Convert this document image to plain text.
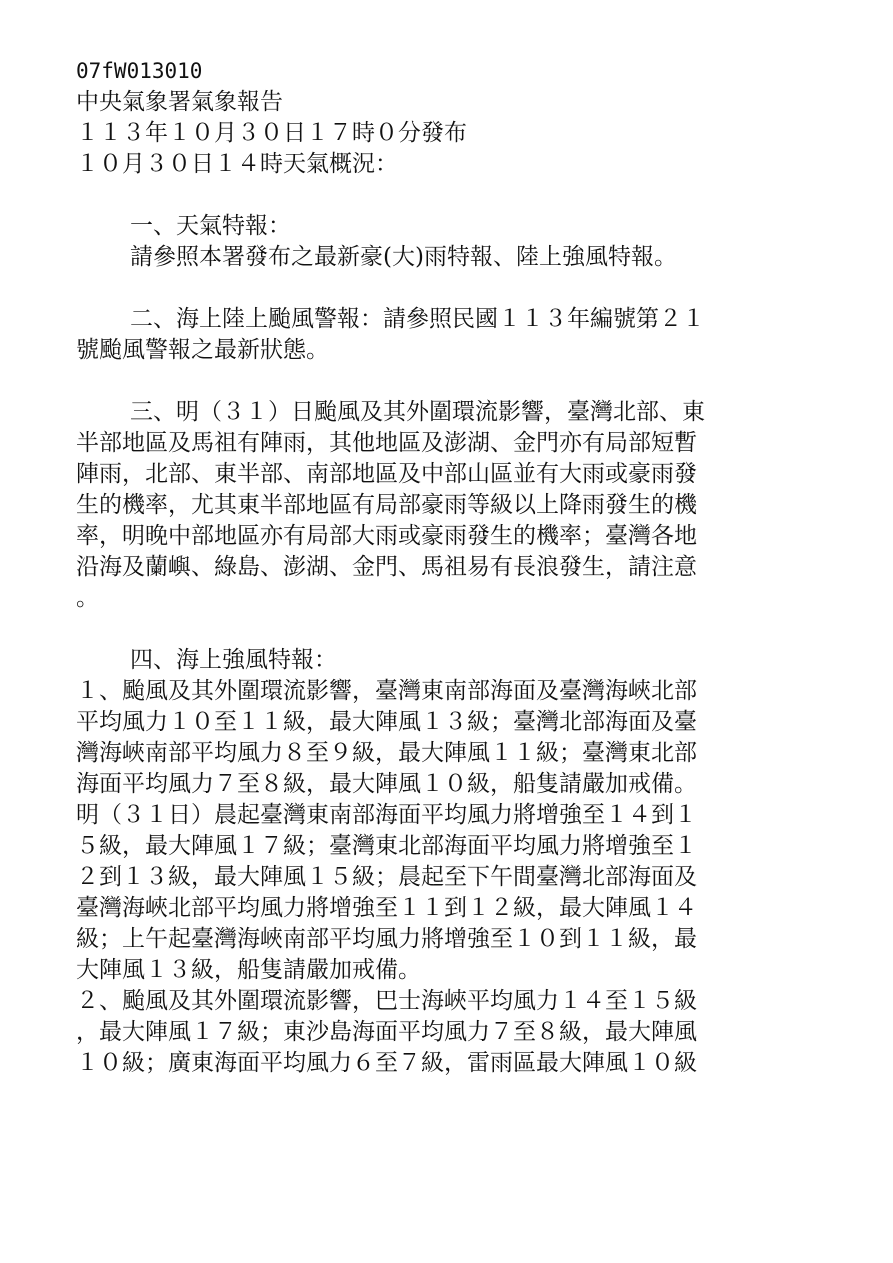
07fW013010
中央氣象署氣象報告
１１３年１０月３０日１７時０分發布
１０月３０日１４時天氣概況：
一、天氣特報：
請參照本署發布之最新豪(大)雨特報、陸上強風特報。
二、海上陸上颱風警報：請參照民國１１３年編號第２１
號颱風警報之最新狀態。
三、明（３１）日颱風及其外圍環流影響，臺灣北部、東
半部地區及馬祖有陣雨，其他地區及澎湖、金門亦有局部短暫
陣雨，北部、東半部、南部地區及中部山區並有大雨或豪雨發
生的機率，尤其東半部地區有局部豪雨等級以上降雨發生的機
率，明晚中部地區亦有局部大雨或豪雨發生的機率；臺灣各地
沿海及蘭嶼、綠島、澎湖、金門、馬祖易有長浪發生，請注意
。
四、海上強風特報：
１、颱風及其外圍環流影響，臺灣東南部海面及臺灣海峽北部
平均風力１０至１１級，最大陣風１３級；臺灣北部海面及臺
灣海峽南部平均風力８至９級，最大陣風１１級；臺灣東北部
海面平均風力７至８級，最大陣風１０級，船隻請嚴加戒備。
明（３１日）晨起臺灣東南部海面平均風力將增強至１４到１
５級，最大陣風１７級；臺灣東北部海面平均風力將增強至１
２到１３級，最大陣風１５級；晨起至下午間臺灣北部海面及
臺灣海峽北部平均風力將增強至１１到１２級，最大陣風１４
級；上午起臺灣海峽南部平均風力將增強至１０到１１級，最
大陣風１３級，船隻請嚴加戒備。
２、颱風及其外圍環流影響，巴士海峽平均風力１４至１５級
，最大陣風１７級；東沙島海面平均風力７至８級，最大陣風
１０級；廣東海面平均風力６至７級，雷雨區最大陣風１０級
